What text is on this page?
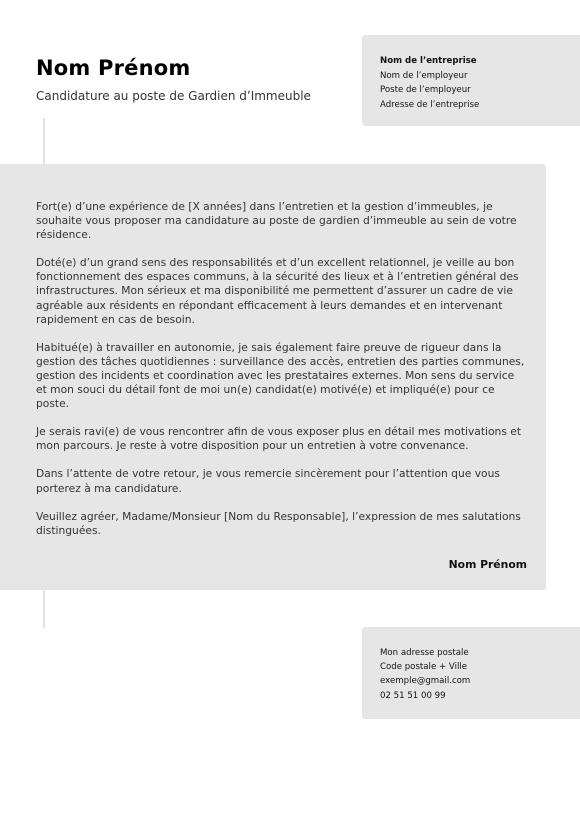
Nom Prénom

Candidature au poste de Gardien d’Immeuble

Nom de l’entreprise
Nom de l’employeur
Poste de l’employeur
Adresse de l’entreprise

Fort(e) d’une expérience de [X années] dans l’entretien et la gestion d’immeubles, je souhaite vous proposer ma candidature au poste de gardien d’immeuble au sein de votre résidence.

Doté(e) d’un grand sens des responsabilités et d’un excellent relationnel, je veille au bon fonctionnement des espaces communs, à la sécurité des lieux et à l’entretien général des infrastructures. Mon sérieux et ma disponibilité me permettent d’assurer un cadre de vie agréable aux résidents en répondant efficacement à leurs demandes et en intervenant rapidement en cas de besoin.

Habitué(e) à travailler en autonomie, je sais également faire preuve de rigueur dans la gestion des tâches quotidiennes : surveillance des accès, entretien des parties communes, gestion des incidents et coordination avec les prestataires externes. Mon sens du service et mon souci du détail font de moi un(e) candidat(e) motivé(e) et impliqué(e) pour ce poste.

Je serais ravi(e) de vous rencontrer afin de vous exposer plus en détail mes motivations et mon parcours. Je reste à votre disposition pour un entretien à votre convenance.

Dans l’attente de votre retour, je vous remercie sincèrement pour l’attention que vous porterez à ma candidature.

Veuillez agréer, Madame/Monsieur [Nom du Responsable], l’expression de mes salutations distinguées.

Nom Prénom
Mon adresse postale
Code postale + Ville
exemple@gmail.com
02 51 51 00 99
